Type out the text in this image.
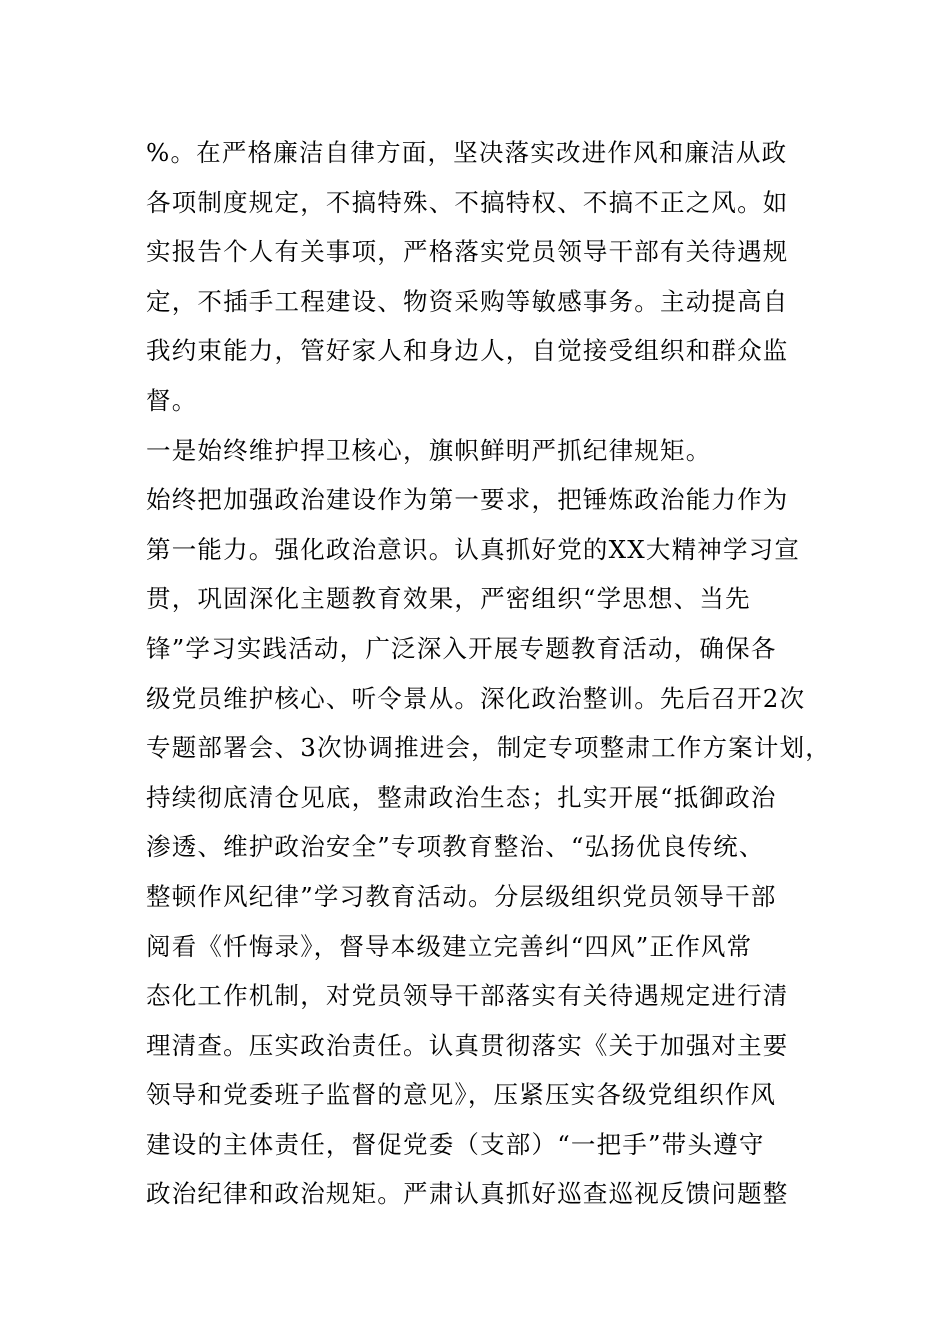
%。在严格廉洁自律方面，坚决落实改进作风和廉洁从政
各项制度规定，不搞特殊、不搞特权、不搞不正之风。如
实报告个人有关事项，严格落实党员领导干部有关待遇规
定，不插手工程建设、物资采购等敏感事务。主动提高自
我约束能力，管好家人和身边人，自觉接受组织和群众监
督。
一是始终维护捍卫核心，旗帜鲜明严抓纪律规矩。
始终把加强政治建设作为第一要求，把锤炼政治能力作为
第一能力。强化政治意识。认真抓好党的XX大精神学习宣
贯，巩固深化主题教育效果，严密组织“学思想、当先
锋”学习实践活动，广泛深入开展专题教育活动，确保各
级党员维护核心、听令景从。深化政治整训。先后召开2次
专题部署会、3次协调推进会，制定专项整肃工作方案计划，
持续彻底清仓见底，整肃政治生态；扎实开展“抵御政治
渗透、维护政治安全”专项教育整治、“弘扬优良传统、
整顿作风纪律”学习教育活动。分层级组织党员领导干部
阅看《忏悔录》，督导本级建立完善纠“四风”正作风常
态化工作机制，对党员领导干部落实有关待遇规定进行清
理清查。压实政治责任。认真贯彻落实《关于加强对主要
领导和党委班子监督的意见》，压紧压实各级党组织作风
建设的主体责任，督促党委（支部）“一把手”带头遵守
政治纪律和政治规矩。严肃认真抓好巡查巡视反馈问题整
